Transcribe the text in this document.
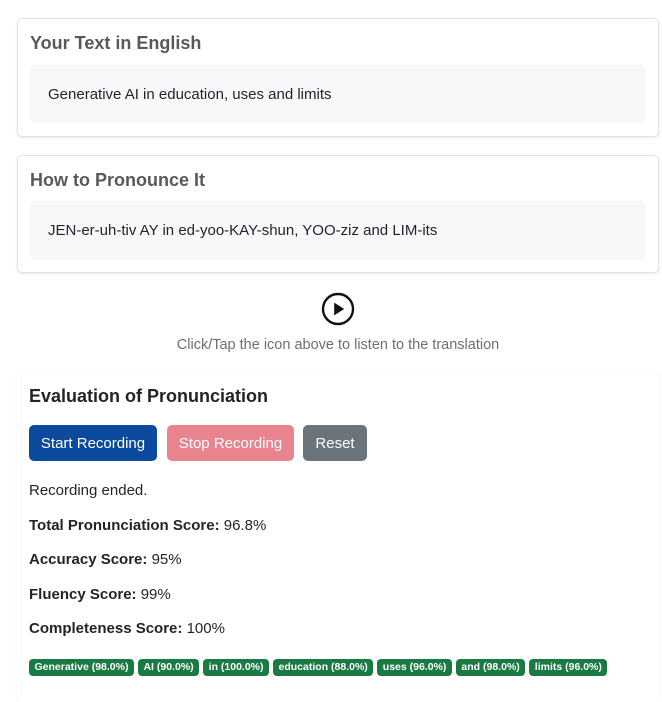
Your Text in English
Generative AI in education, uses and limits
How to Pronounce It
JEN-er-uh-tiv AY in ed-yoo-KAY-shun, YOO-ziz and LIM-its
Click/Tap the icon above to listen to the translation
Evaluation of Pronunciation
Start Recording	Stop Recording	Reset
Recording ended.
Total Pronunciation Score: 96.8%
Accuracy Score: 95%
Fluency Score: 99%
Completeness Score: 100%
Generative (98.0%)	AI (90.0%)	in (100.0%)	education (88.0%)	uses (96.0%)	and (98.0%)	limits (96.0%)
